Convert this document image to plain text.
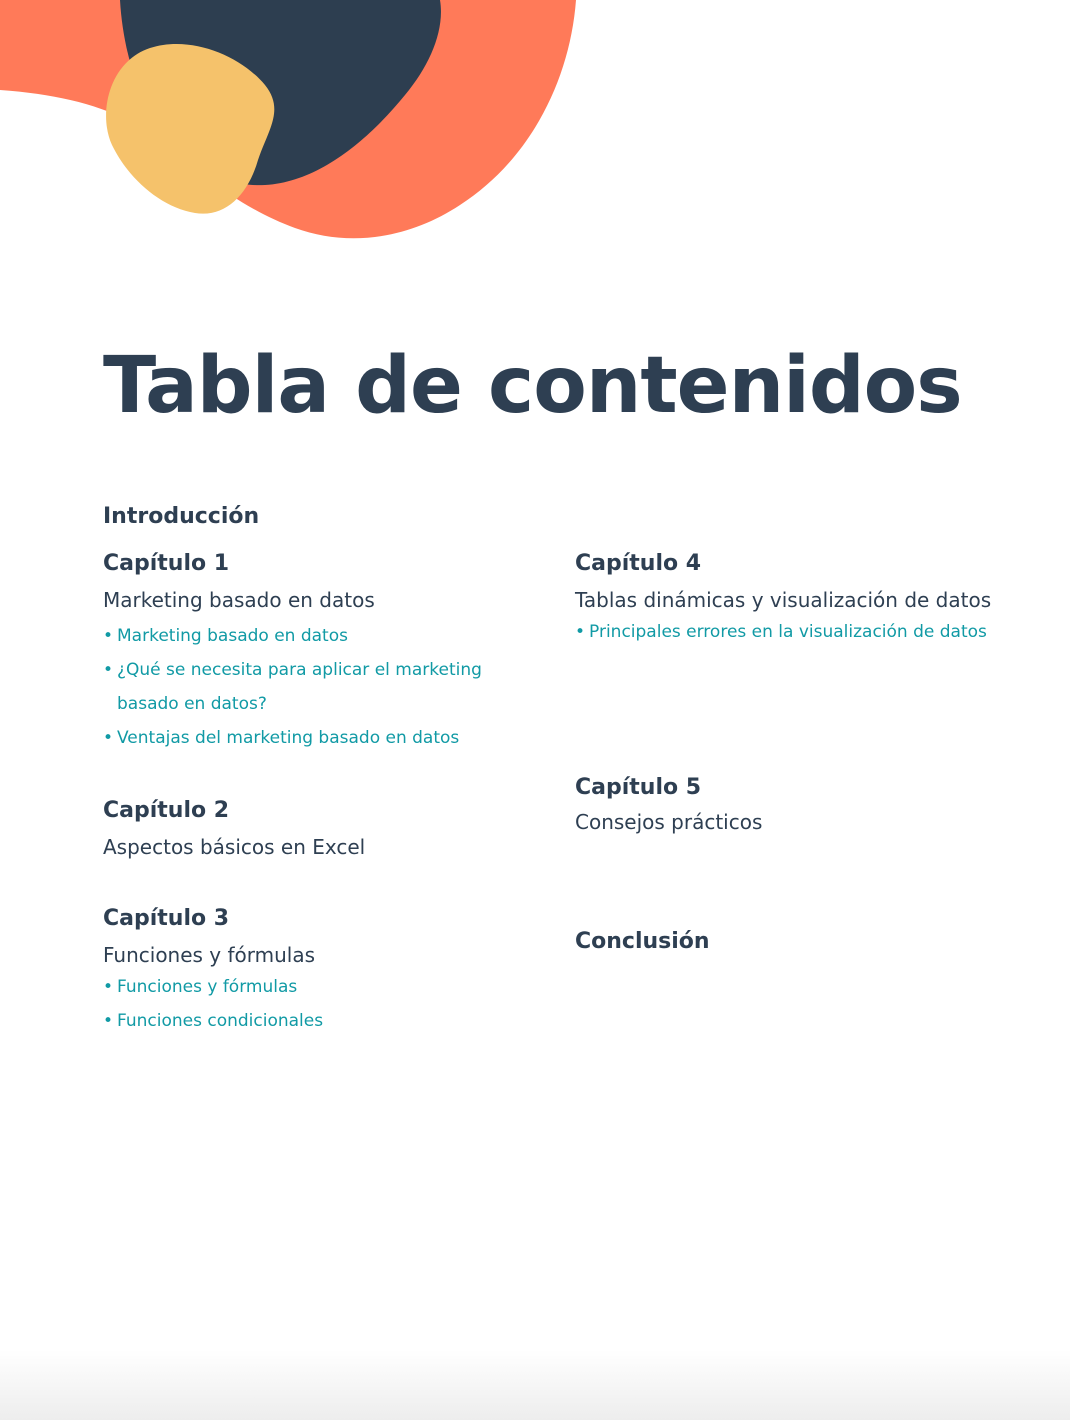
Tabla de contenidos
Introducción
Capítulo 1
Marketing basado en datos
• Marketing basado en datos
• ¿Qué se necesita para aplicar el marketing basado en datos?
• Ventajas del marketing basado en datos
Capítulo 2
Aspectos básicos en Excel
Capítulo 3
Funciones y fórmulas
• Funciones y fórmulas
• Funciones condicionales
Capítulo 4
Tablas dinámicas y visualización de datos
• Principales errores en la visualización de datos
Capítulo 5
Consejos prácticos
Conclusión
